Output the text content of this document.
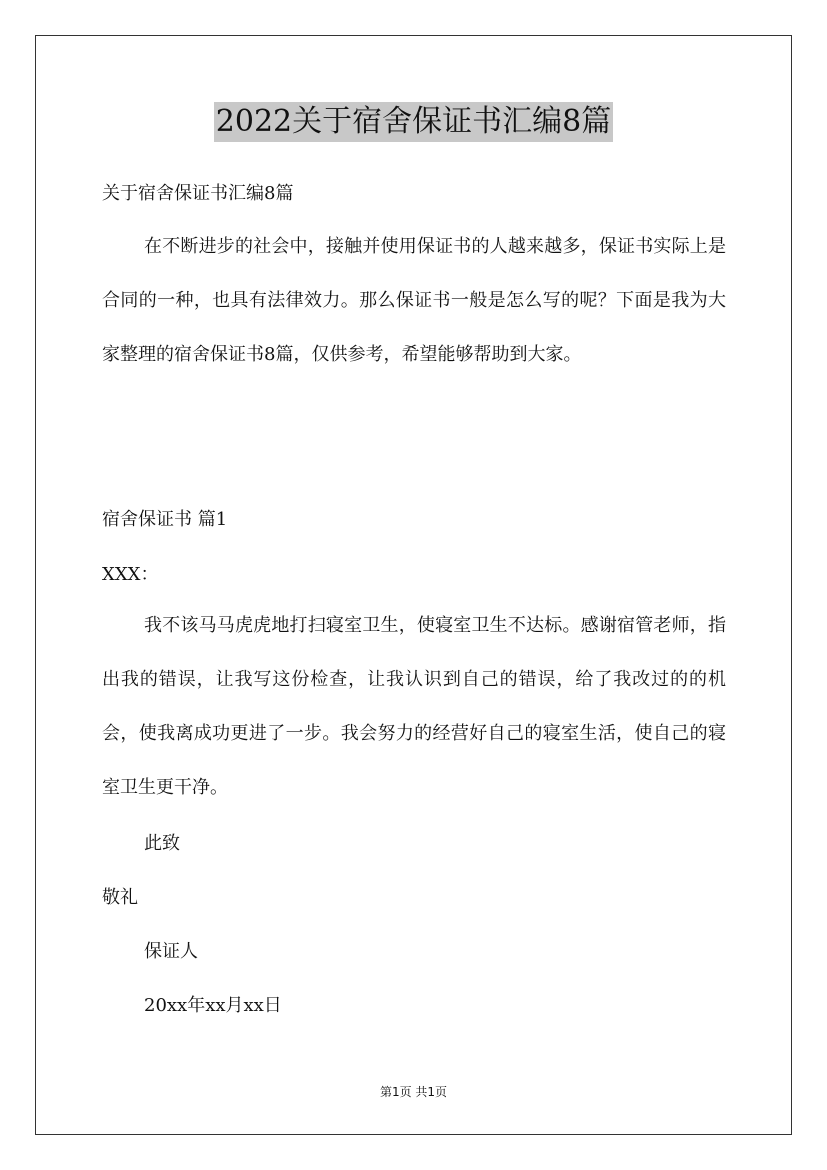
2022关于宿舍保证书汇编8篇
关于宿舍保证书汇编8篇
在不断进步的社会中，接触并使用保证书的人越来越多，保证书实际上是合同的一种，也具有法律效力。那么保证书一般是怎么写的呢？下面是我为大家整理的宿舍保证书8篇，仅供参考，希望能够帮助到大家。
宿舍保证书 篇1
XXX：
我不该马马虎虎地打扫寝室卫生，使寝室卫生不达标。感谢宿管老师，指出我的错误，让我写这份检查，让我认识到自己的错误，给了我改过的的机会，使我离成功更进了一步。我会努力的经营好自己的寝室生活，使自己的寝室卫生更干净。
此致
敬礼
保证人
20xx年xx月xx日
第1页 共1页
